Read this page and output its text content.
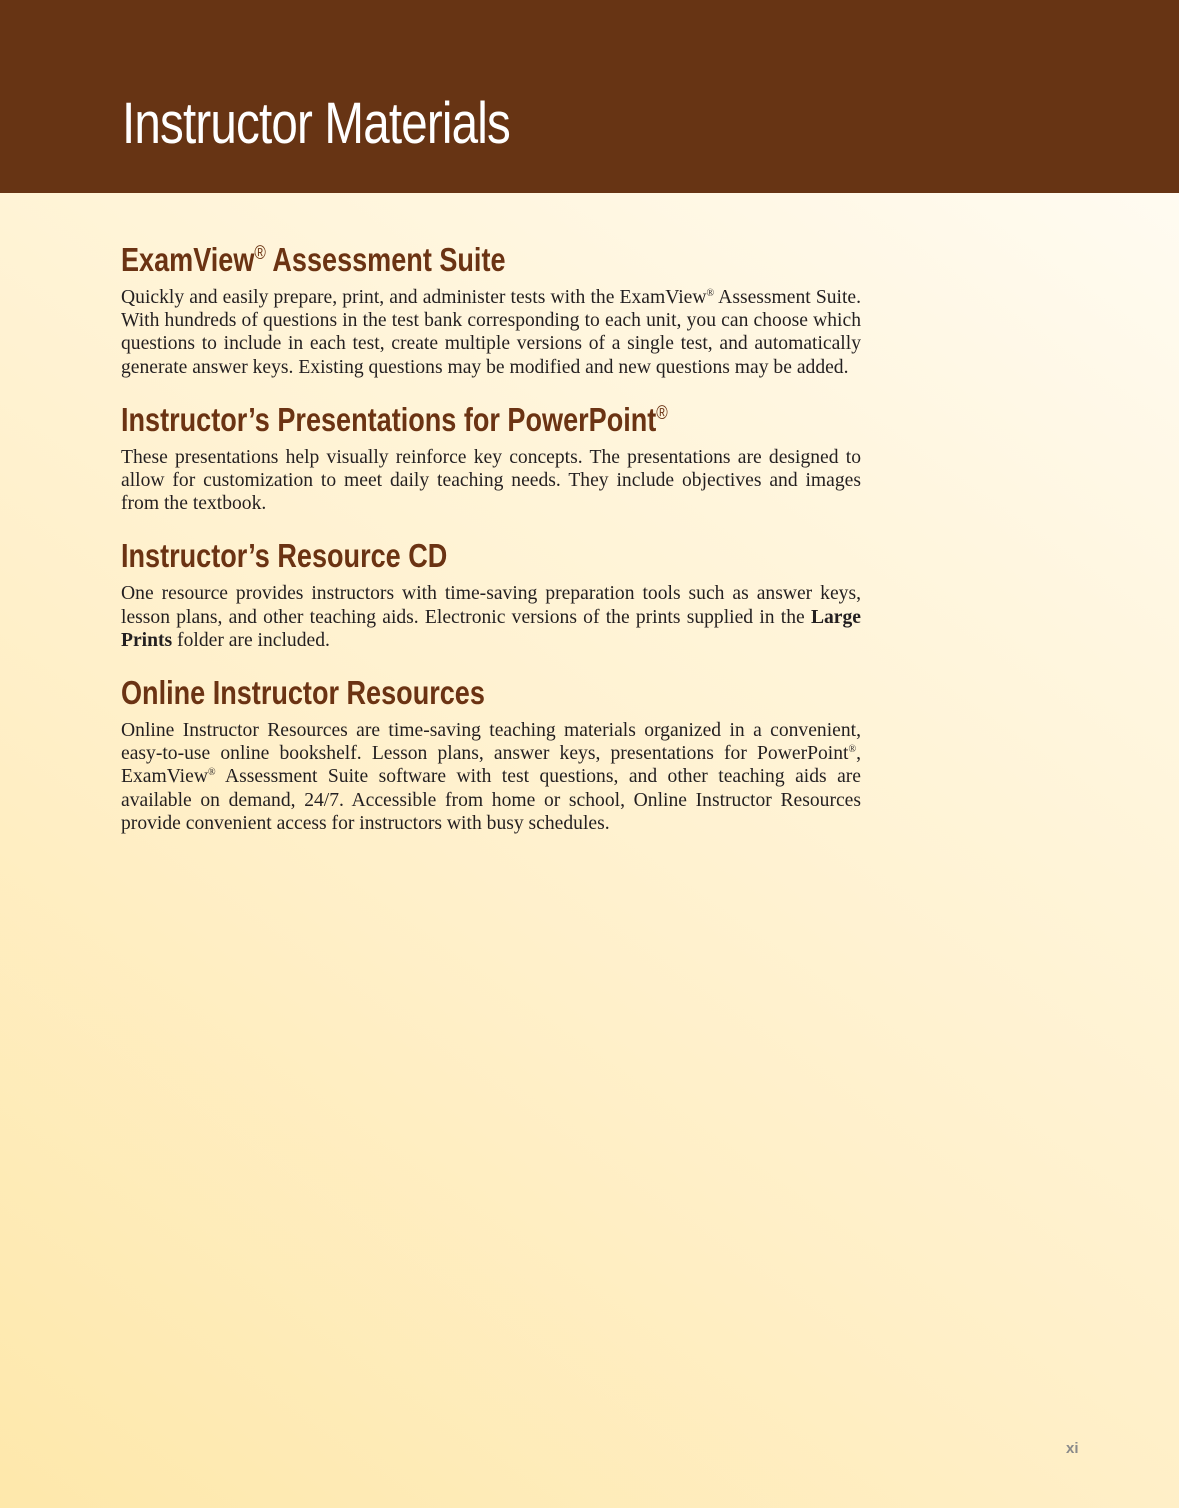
Instructor Materials
ExamView® Assessment Suite

Quickly and easily prepare, print, and administer tests with the ExamView® Assessment Suite. With hundreds of questions in the test bank corresponding to each unit, you can choose which questions to include in each test, create multiple versions of a single test, and automatically generate answer keys. Existing questions may be modified and new questions may be added.

Instructor’s Presentations for PowerPoint®

These presentations help visually reinforce key concepts. The presentations are designed to allow for customization to meet daily teaching needs. They include objectives and images from the textbook.

Instructor’s Resource CD

One resource provides instructors with time-saving preparation tools such as answer keys, lesson plans, and other teaching aids. Electronic versions of the prints supplied in the Large Prints folder are included.

Online Instructor Resources

Online Instructor Resources are time-saving teaching materials organized in a convenient, easy-to-use online bookshelf. Lesson plans, answer keys, presentations for PowerPoint®, ExamView® Assessment Suite software with test questions, and other teaching aids are available on demand, 24/7. Accessible from home or school, Online Instructor Resources provide convenient access for instructors with busy schedules.

xi
